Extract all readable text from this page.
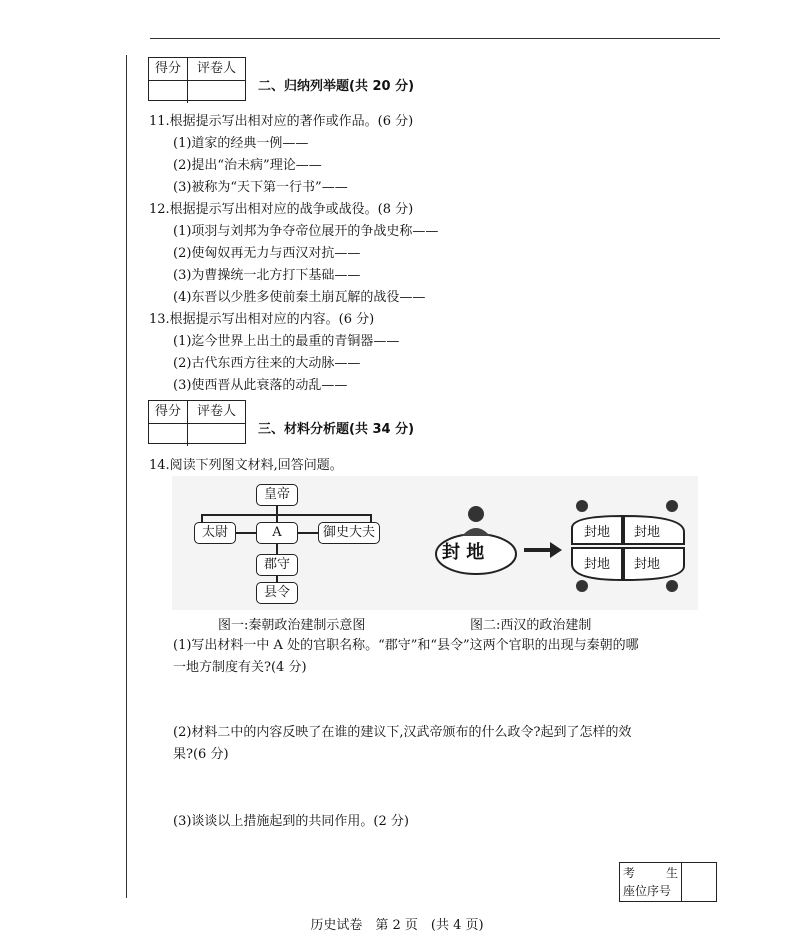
得分	评卷人
二、归纳列举题(共 20 分)
11.根据提示写出相对应的著作或作品。(6 分)
(1)道家的经典一例——
(2)提出“治未病”理论——
(3)被称为“天下第一行书”——
12.根据提示写出相对应的战争或战役。(8 分)
(1)项羽与刘邦为争夺帝位展开的争战史称——
(2)使匈奴再无力与西汉对抗——
(3)为曹操统一北方打下基础——
(4)东晋以少胜多使前秦土崩瓦解的战役——
13.根据提示写出相对应的内容。(6 分)
(1)迄今世界上出土的最重的青铜器——
(2)古代东西方往来的大动脉——
(3)使西晋从此衰落的动乱——
得分	评卷人
三、材料分析题(共 34 分)
14.阅读下列图文材料,回答问题。
皇帝
太尉	A	御史大夫
郡守
县令
封 地
封地 封地
封地 封地
图一:秦朝政治建制示意图	图二:西汉的政治建制
(1)写出材料一中 A 处的官职名称。“郡守”和“县令”这两个官职的出现与秦朝的哪
一地方制度有关?(4 分)
(2)材料二中的内容反映了在谁的建议下,汉武帝颁布的什么政令?起到了怎样的效
果?(6 分)
(3)谈谈以上措施起到的共同作用。(2 分)
考	生
座位序号
历史试卷　第 2 页　(共 4 页)
